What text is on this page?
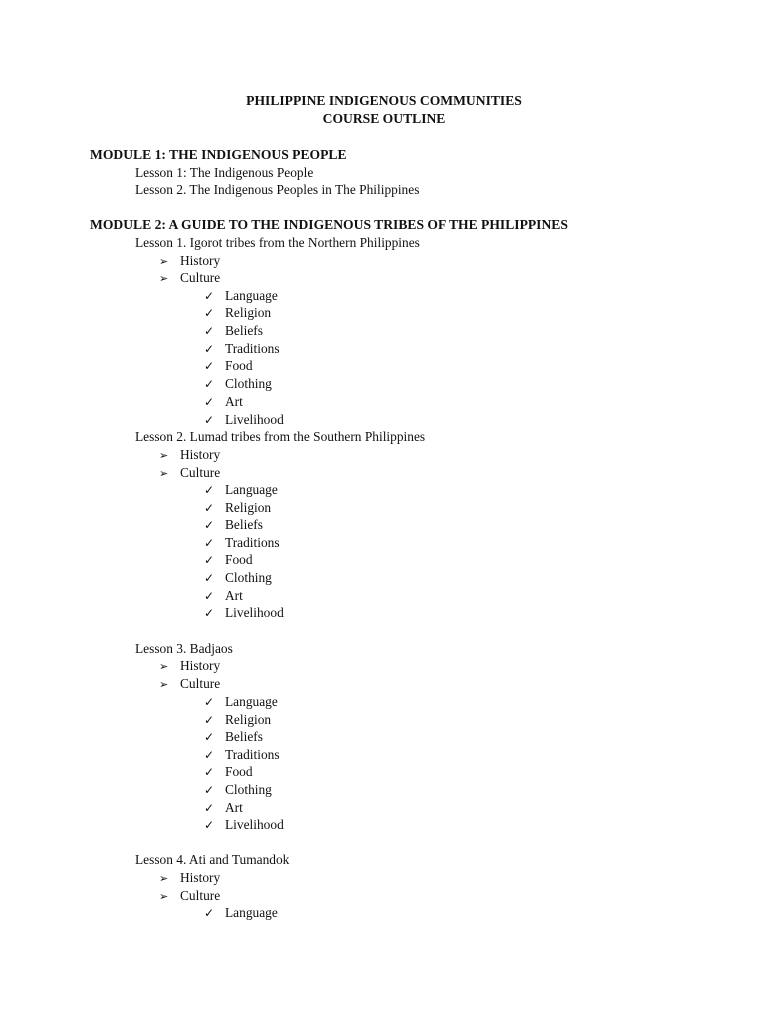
PHILIPPINE INDIGENOUS COMMUNITIES
COURSE OUTLINE
MODULE 1: THE INDIGENOUS PEOPLE
Lesson 1: The Indigenous People
Lesson 2. The Indigenous Peoples in The Philippines
MODULE 2: A GUIDE TO THE INDIGENOUS TRIBES OF THE PHILIPPINES
Lesson 1. Igorot tribes from the Northern Philippines
➢ History
➢ Culture
✓ Language
✓ Religion
✓ Beliefs
✓ Traditions
✓ Food
✓ Clothing
✓ Art
✓ Livelihood
Lesson 2. Lumad tribes from the Southern Philippines
➢ History
➢ Culture
✓ Language
✓ Religion
✓ Beliefs
✓ Traditions
✓ Food
✓ Clothing
✓ Art
✓ Livelihood
Lesson 3. Badjaos
➢ History
➢ Culture
✓ Language
✓ Religion
✓ Beliefs
✓ Traditions
✓ Food
✓ Clothing
✓ Art
✓ Livelihood
Lesson 4. Ati and Tumandok
➢ History
➢ Culture
✓ Language
